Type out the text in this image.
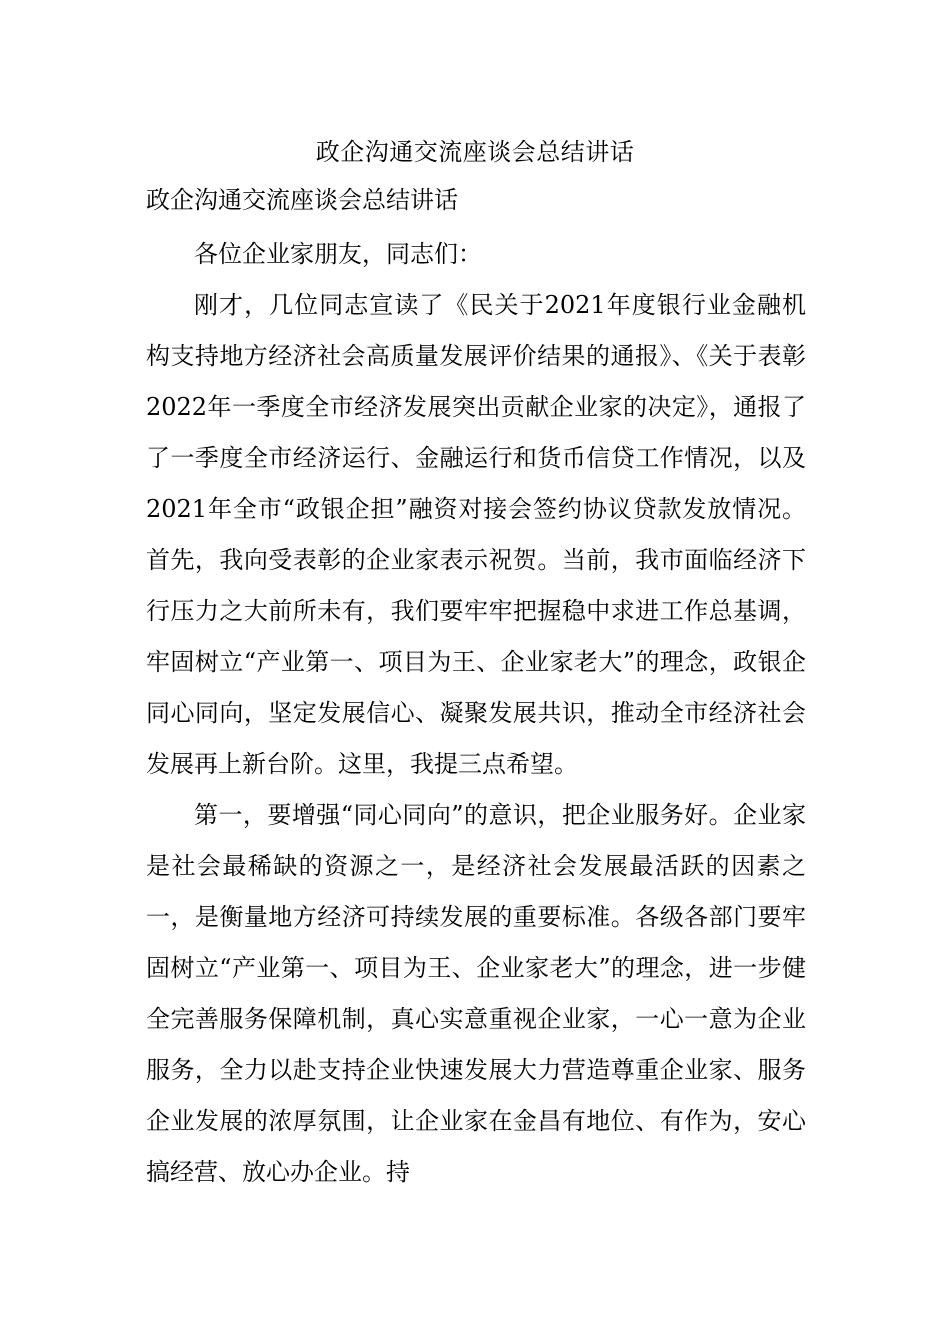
政企沟通交流座谈会总结讲话
政企沟通交流座谈会总结讲话

各位企业家朋友，同志们：

刚才，几位同志宣读了《民关于2021年度银行业金融机构支持地方经济社会高质量发展评价结果的通报》、《关于表彰2022年一季度全市经济发展突出贡献企业家的决定》，通报了了一季度全市经济运行、金融运行和货币信贷工作情况，以及2021年全市“政银企担”融资对接会签约协议贷款发放情况。首先，我向受表彰的企业家表示祝贺。当前，我市面临经济下行压力之大前所未有，我们要牢牢把握稳中求进工作总基调，牢固树立“产业第一、项目为王、企业家老大”的理念，政银企同心同向，坚定发展信心、凝聚发展共识，推动全市经济社会发展再上新台阶。这里，我提三点希望。

第一，要增强“同心同向”的意识，把企业服务好。企业家是社会最稀缺的资源之一，是经济社会发展最活跃的因素之一，是衡量地方经济可持续发展的重要标准。各级各部门要牢固树立“产业第一、项目为王、企业家老大”的理念，进一步健全完善服务保障机制，真心实意重视企业家，一心一意为企业服务，全力以赴支持企业快速发展大力营造尊重企业家、服务企业发展的浓厚氛围，让企业家在金昌有地位、有作为，安心搞经营、放心办企业。持
